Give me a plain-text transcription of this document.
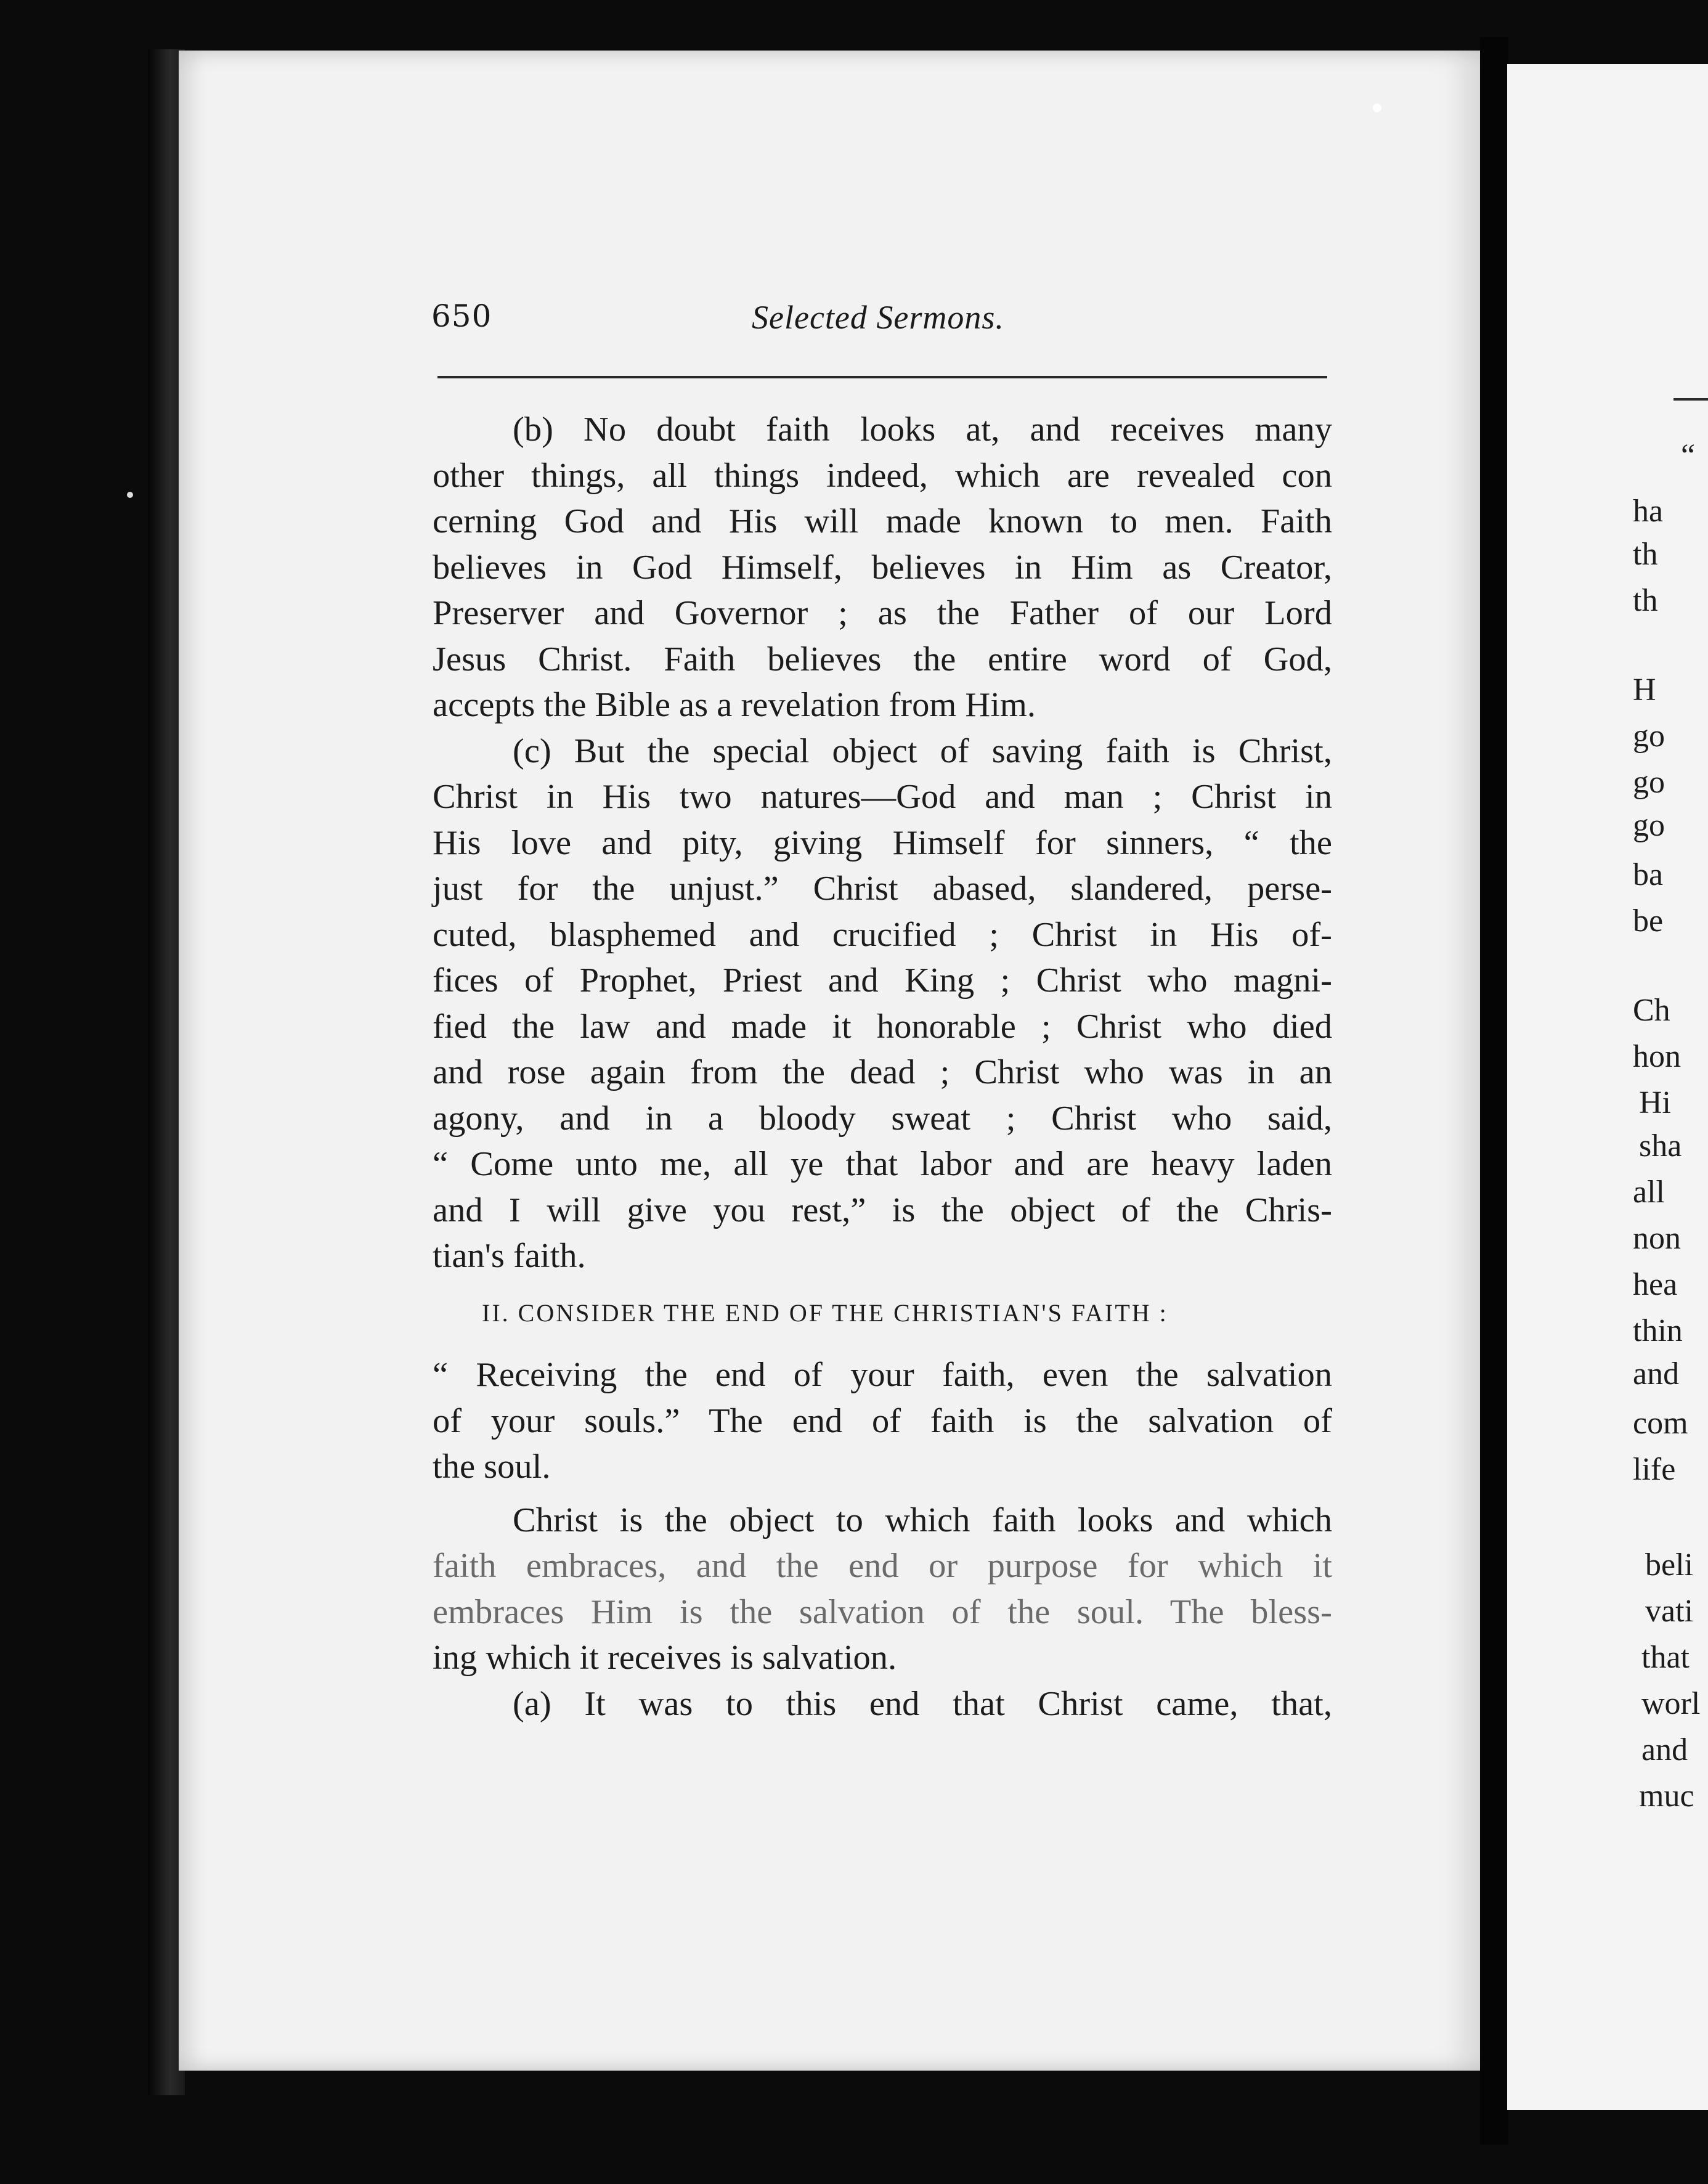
650	Selected Sermons.
(b) No doubt faith looks at, and receives many
other things, all things indeed, which are revealed con
cerning God and His will made known to men. Faith
believes in God Himself, believes in Him as Creator,
Preserver and Governor ; as the Father of our Lord
Jesus Christ. Faith believes the entire word of God,
accepts the Bible as a revelation from Him.
(c) But the special object of saving faith is Christ,
Christ in His two natures—God and man ; Christ in
His love and pity, giving Himself for sinners, “ the
just for the unjust.” Christ abased, slandered, perse-
cuted, blasphemed and crucified ; Christ in His of-
fices of Prophet, Priest and King ; Christ who magni-
fied the law and made it honorable ; Christ who died
and rose again from the dead ; Christ who was in an
agony, and in a bloody sweat ; Christ who said,
“ Come unto me, all ye that labor and are heavy laden
and I will give you rest,” is the object of the Chris-
tian's faith.
II. CONSIDER THE END OF THE CHRISTIAN'S FAITH :
“ Receiving the end of your faith, even the salvation
of your souls.” The end of faith is the salvation of
the soul.
Christ is the object to which faith looks and which
faith embraces, and the end or purpose for which it
embraces Him is the salvation of the soul. The bless-
ing which it receives is salvation.
(a) It was to this end that Christ came, that,
“
ha
th
th
H
go
go
go
ba
be
Ch
hon
Hi
sha
all
non
hea
thin
and
com
life
beli
vati
that
worl
and
muc
